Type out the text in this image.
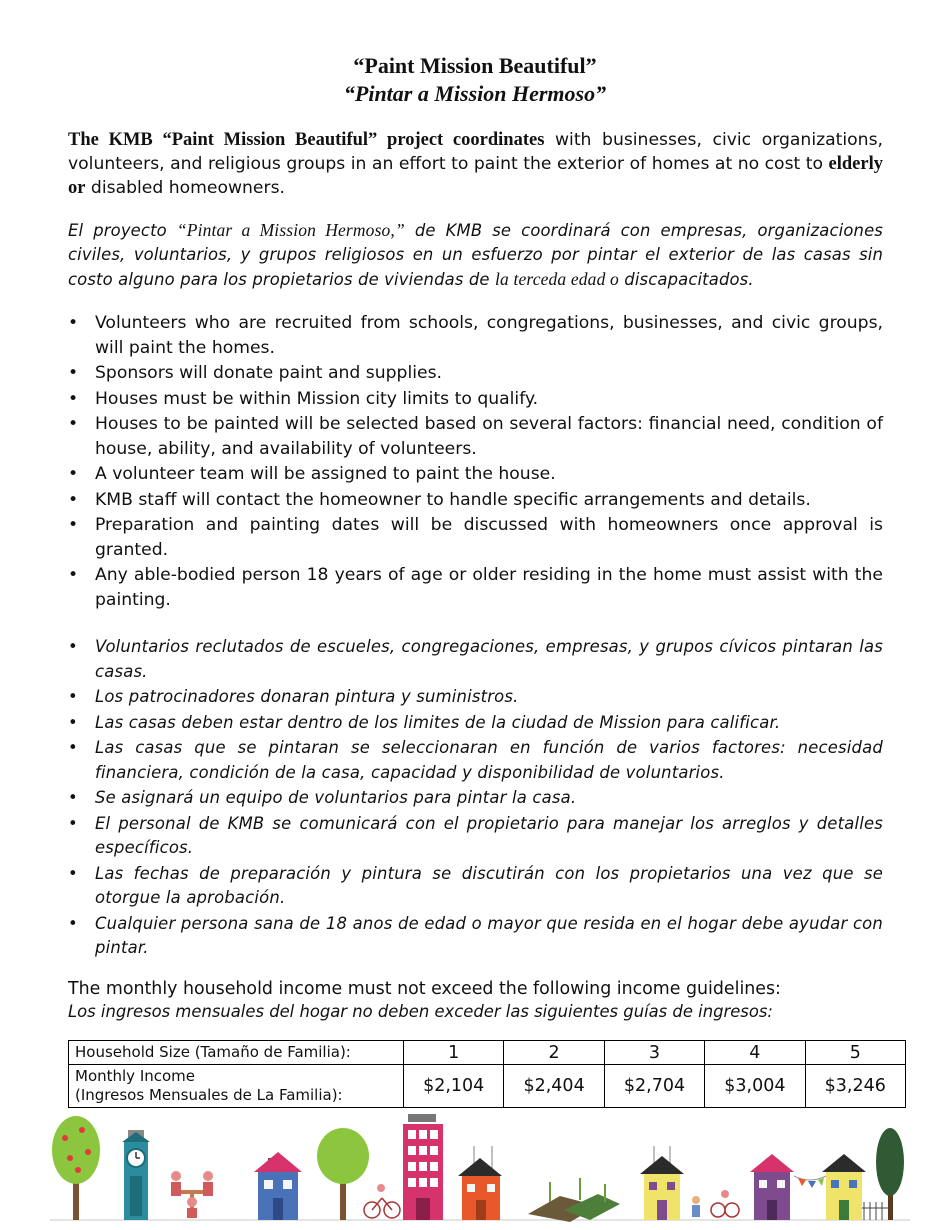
“Paint Mission Beautiful”
“Pintar a Mission Hermoso”
The KMB “Paint Mission Beautiful” project coordinates with businesses, civic organizations, volunteers, and religious groups in an effort to paint the exterior of homes at no cost to elderly or disabled homeowners.
El proyecto “Pintar a Mission Hermoso,” de KMB se coordinará con empresas, organizaciones civiles, voluntarios, y grupos religiosos en un esfuerzo por pintar el exterior de las casas sin costo alguno para los propietarios de viviendas de la terceda edad o discapacitados.
• Volunteers who are recruited from schools, congregations, businesses, and civic groups, will paint the homes.
• Sponsors will donate paint and supplies.
• Houses must be within Mission city limits to qualify.
• Houses to be painted will be selected based on several factors: financial need, condition of house, ability, and availability of volunteers.
• A volunteer team will be assigned to paint the house.
• KMB staff will contact the homeowner to handle specific arrangements and details.
• Preparation and painting dates will be discussed with homeowners once approval is granted.
• Any able-bodied person 18 years of age or older residing in the home must assist with the painting.
• Voluntarios reclutados de escueles, congregaciones, empresas, y grupos cívicos pintaran las casas.
• Los patrocinadores donaran pintura y suministros.
• Las casas deben estar dentro de los limites de la ciudad de Mission para calificar.
• Las casas que se pintaran se seleccionaran en función de varios factores: necesidad financiera, condición de la casa, capacidad y disponibilidad de voluntarios.
• Se asignará un equipo de voluntarios para pintar la casa.
• El personal de KMB se comunicará con el propietario para manejar los arreglos y detalles específicos.
• Las fechas de preparación y pintura se discutirán con los propietarios una vez que se otorgue la aprobación.
• Cualquier persona sana de 18 anos de edad o mayor que resida en el hogar debe ayudar con pintar.
The monthly household income must not exceed the following income guidelines:
Los ingresos mensuales del hogar no deben exceder las siguientes guías de ingresos:
Household Size (Tamaño de Familia):	1	2	3	4	5
Monthly Income
(Ingresos Mensuales de La Familia):	$2,104	$2,404	$2,704	$3,004	$3,246
